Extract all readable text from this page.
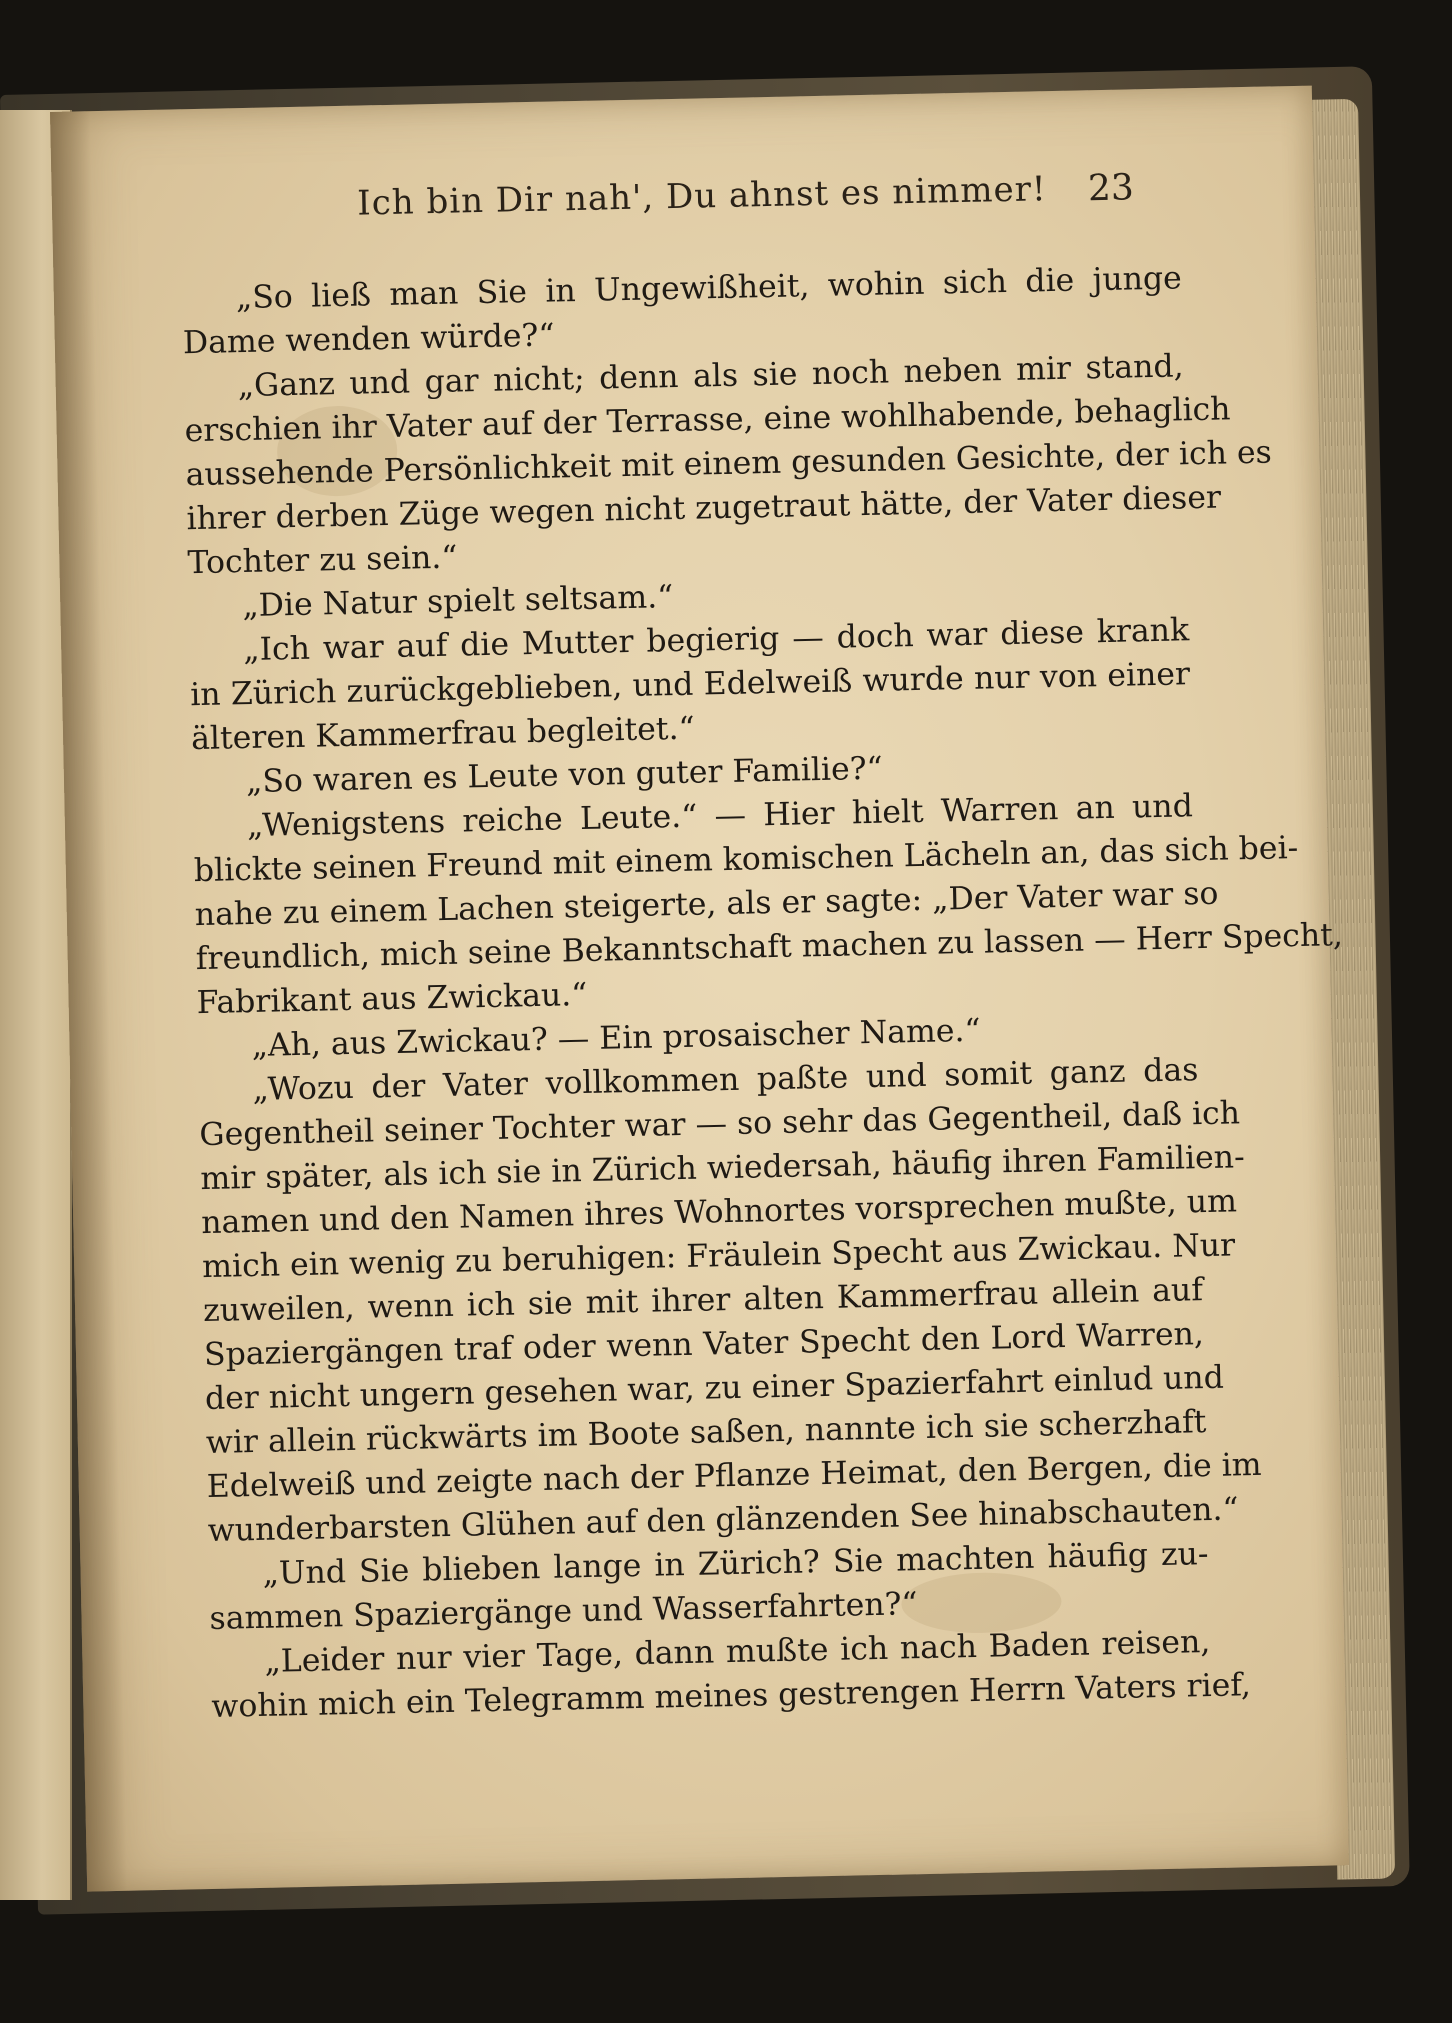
Ich bin Dir nah', Du ahnst es nimmer! 23
„So ließ man Sie in Ungewißheit, wohin sich die junge
Dame wenden würde?“
„Ganz und gar nicht; denn als sie noch neben mir stand,
erschien ihr Vater auf der Terrasse, eine wohlhabende, behaglich
aussehende Persönlichkeit mit einem gesunden Gesichte, der ich es
ihrer derben Züge wegen nicht zugetraut hätte, der Vater dieser
Tochter zu sein.“
„Die Natur spielt seltsam.“
„Ich war auf die Mutter begierig — doch war diese krank
in Zürich zurückgeblieben, und Edelweiß wurde nur von einer
älteren Kammerfrau begleitet.“
„So waren es Leute von guter Familie?“
„Wenigstens reiche Leute.“ — Hier hielt Warren an und
blickte seinen Freund mit einem komischen Lächeln an, das sich bei-
nahe zu einem Lachen steigerte, als er sagte: „Der Vater war so
freundlich, mich seine Bekanntschaft machen zu lassen — Herr Specht,
Fabrikant aus Zwickau.“
„Ah, aus Zwickau? — Ein prosaischer Name.“
„Wozu der Vater vollkommen paßte und somit ganz das
Gegentheil seiner Tochter war — so sehr das Gegentheil, daß ich
mir später, als ich sie in Zürich wiedersah, häufig ihren Familien-
namen und den Namen ihres Wohnortes vorsprechen mußte, um
mich ein wenig zu beruhigen: Fräulein Specht aus Zwickau. Nur
zuweilen, wenn ich sie mit ihrer alten Kammerfrau allein auf
Spaziergängen traf oder wenn Vater Specht den Lord Warren,
der nicht ungern gesehen war, zu einer Spazierfahrt einlud und
wir allein rückwärts im Boote saßen, nannte ich sie scherzhaft
Edelweiß und zeigte nach der Pflanze Heimat, den Bergen, die im
wunderbarsten Glühen auf den glänzenden See hinabschauten.“
„Und Sie blieben lange in Zürich? Sie machten häufig zu-
sammen Spaziergänge und Wasserfahrten?“
„Leider nur vier Tage, dann mußte ich nach Baden reisen,
wohin mich ein Telegramm meines gestrengen Herrn Vaters rief,
